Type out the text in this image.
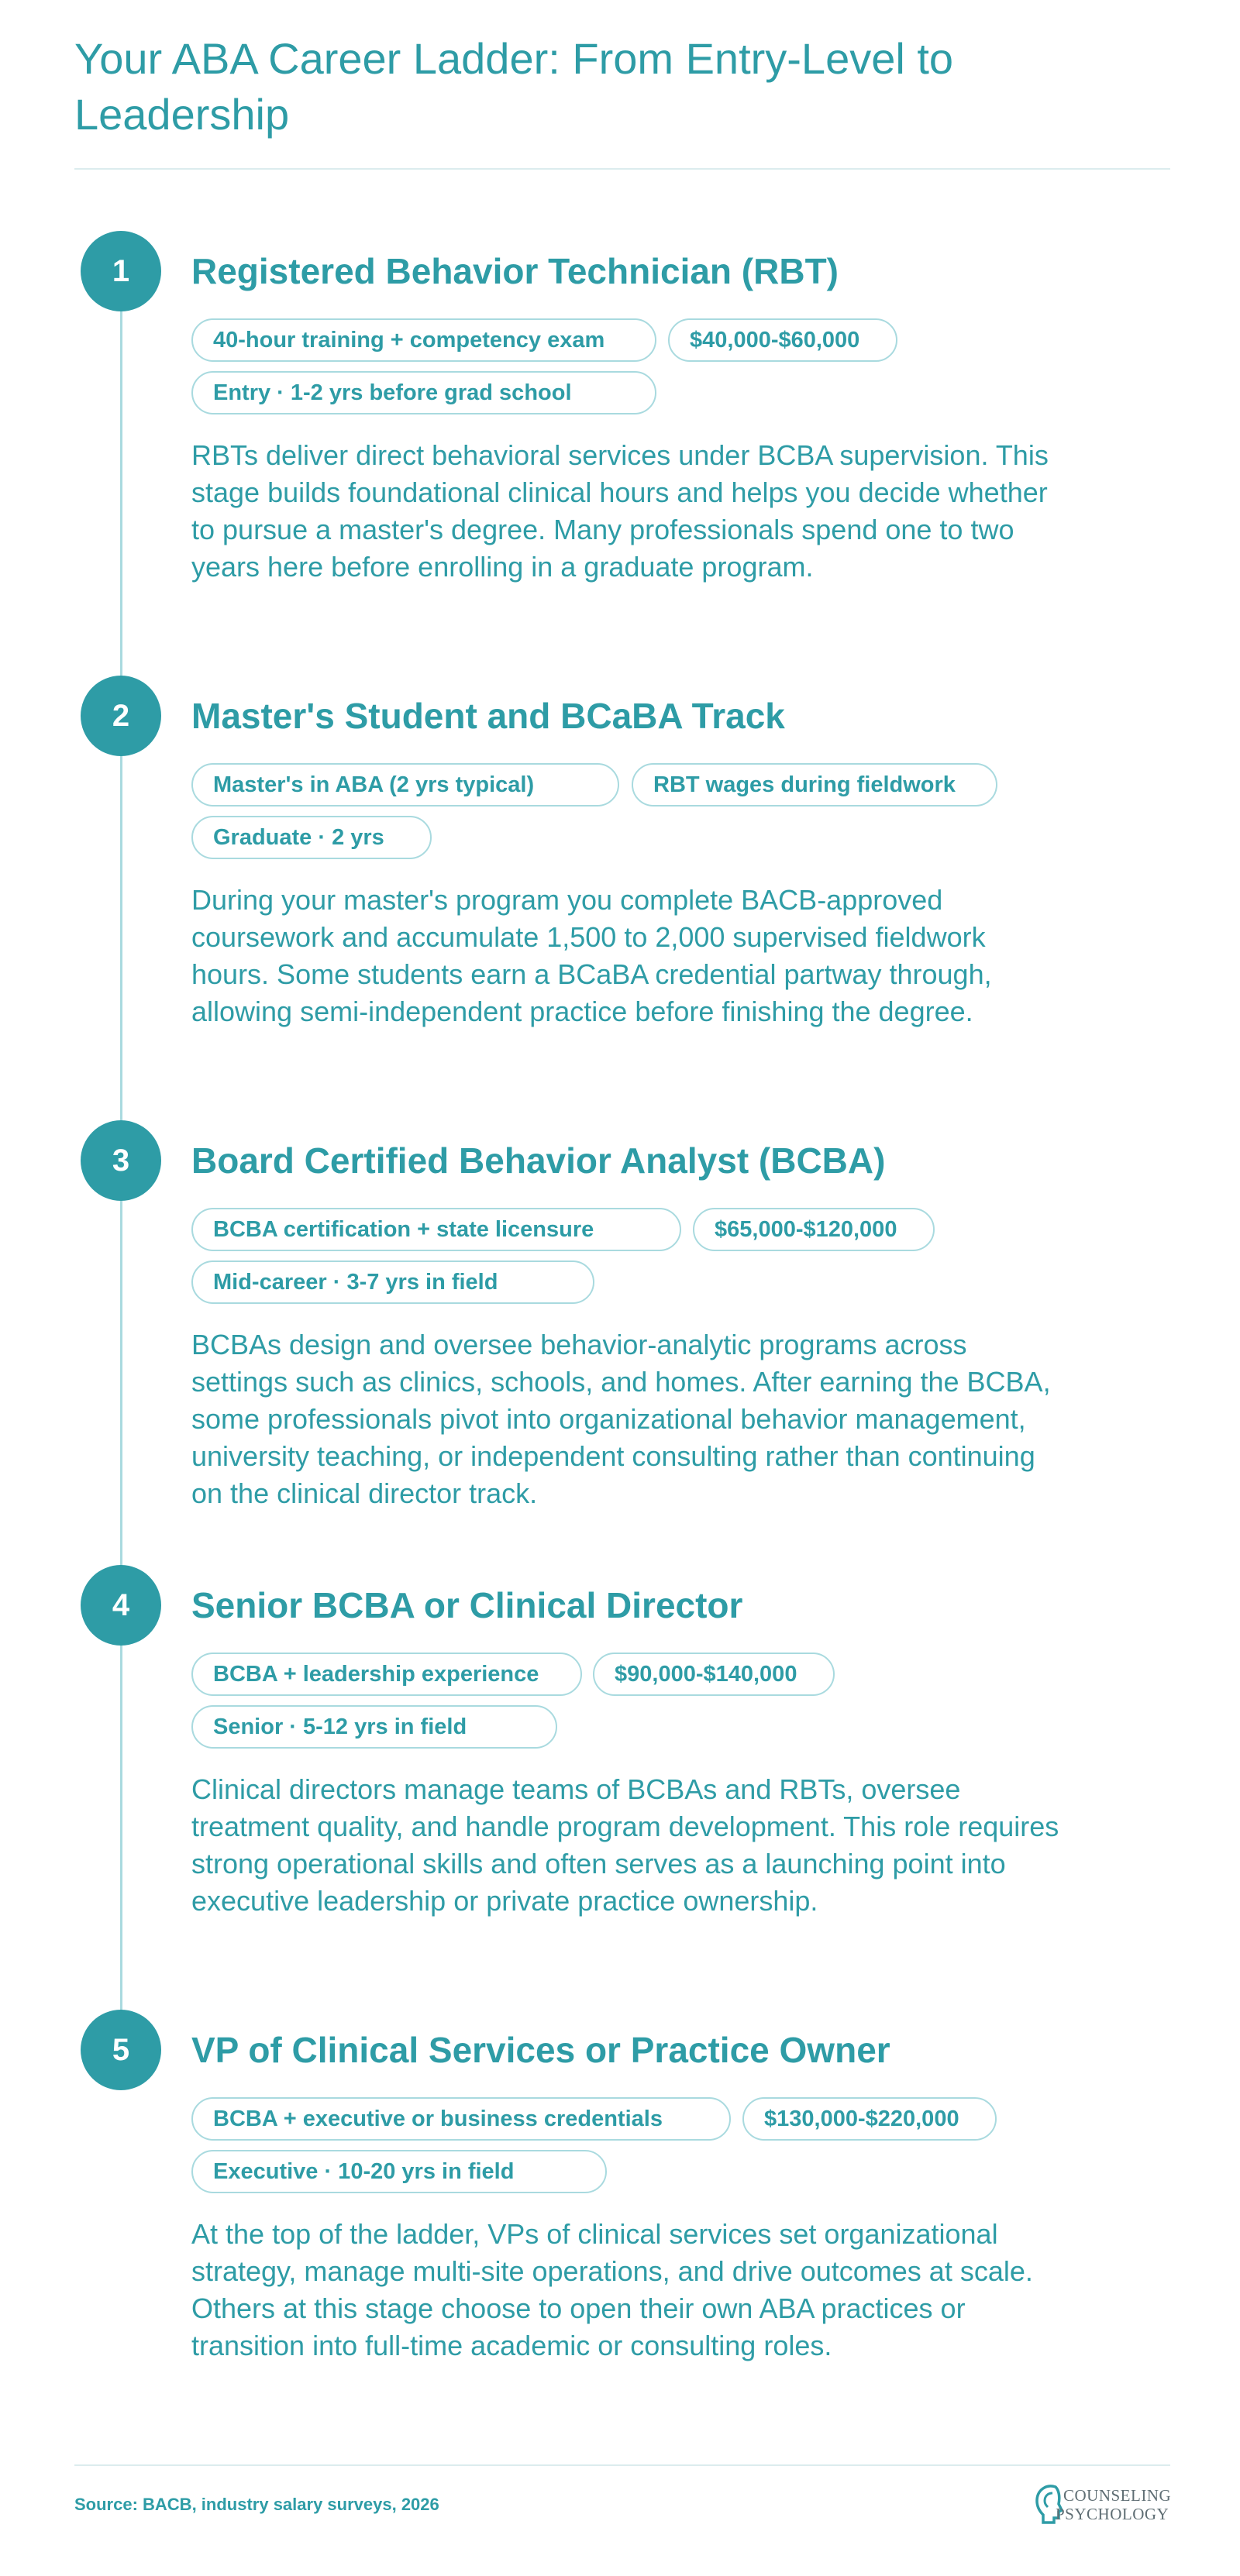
Your ABA Career Ladder: From Entry-Level to Leadership
1	Registered Behavior Technician (RBT)
40-hour training + competency exam	$40,000-$60,000
Entry · 1-2 yrs before grad school

RBTs deliver direct behavioral services under BCBA supervision. This stage builds foundational clinical hours and helps you decide whether to pursue a master's degree. Many professionals spend one to two years here before enrolling in a graduate program.

2	Master's Student and BCaBA Track
Master's in ABA (2 yrs typical)	RBT wages during fieldwork
Graduate · 2 yrs

During your master's program you complete BACB-approved coursework and accumulate 1,500 to 2,000 supervised fieldwork hours. Some students earn a BCaBA credential partway through, allowing semi-independent practice before finishing the degree.

3	Board Certified Behavior Analyst (BCBA)
BCBA certification + state licensure	$65,000-$120,000
Mid-career · 3-7 yrs in field

BCBAs design and oversee behavior-analytic programs across settings such as clinics, schools, and homes. After earning the BCBA, some professionals pivot into organizational behavior management, university teaching, or independent consulting rather than continuing on the clinical director track.

4	Senior BCBA or Clinical Director
BCBA + leadership experience	$90,000-$140,000
Senior · 5-12 yrs in field

Clinical directors manage teams of BCBAs and RBTs, oversee treatment quality, and handle program development. This role requires strong operational skills and often serves as a launching point into executive leadership or private practice ownership.

5	VP of Clinical Services or Practice Owner
BCBA + executive or business credentials	$130,000-$220,000
Executive · 10-20 yrs in field

At the top of the ladder, VPs of clinical services set organizational strategy, manage multi-site operations, and drive outcomes at scale. Others at this stage choose to open their own ABA practices or transition into full-time academic or consulting roles.

Source: BACB, industry salary surveys, 2026	COUNSELING
PSYCHOLOGY
